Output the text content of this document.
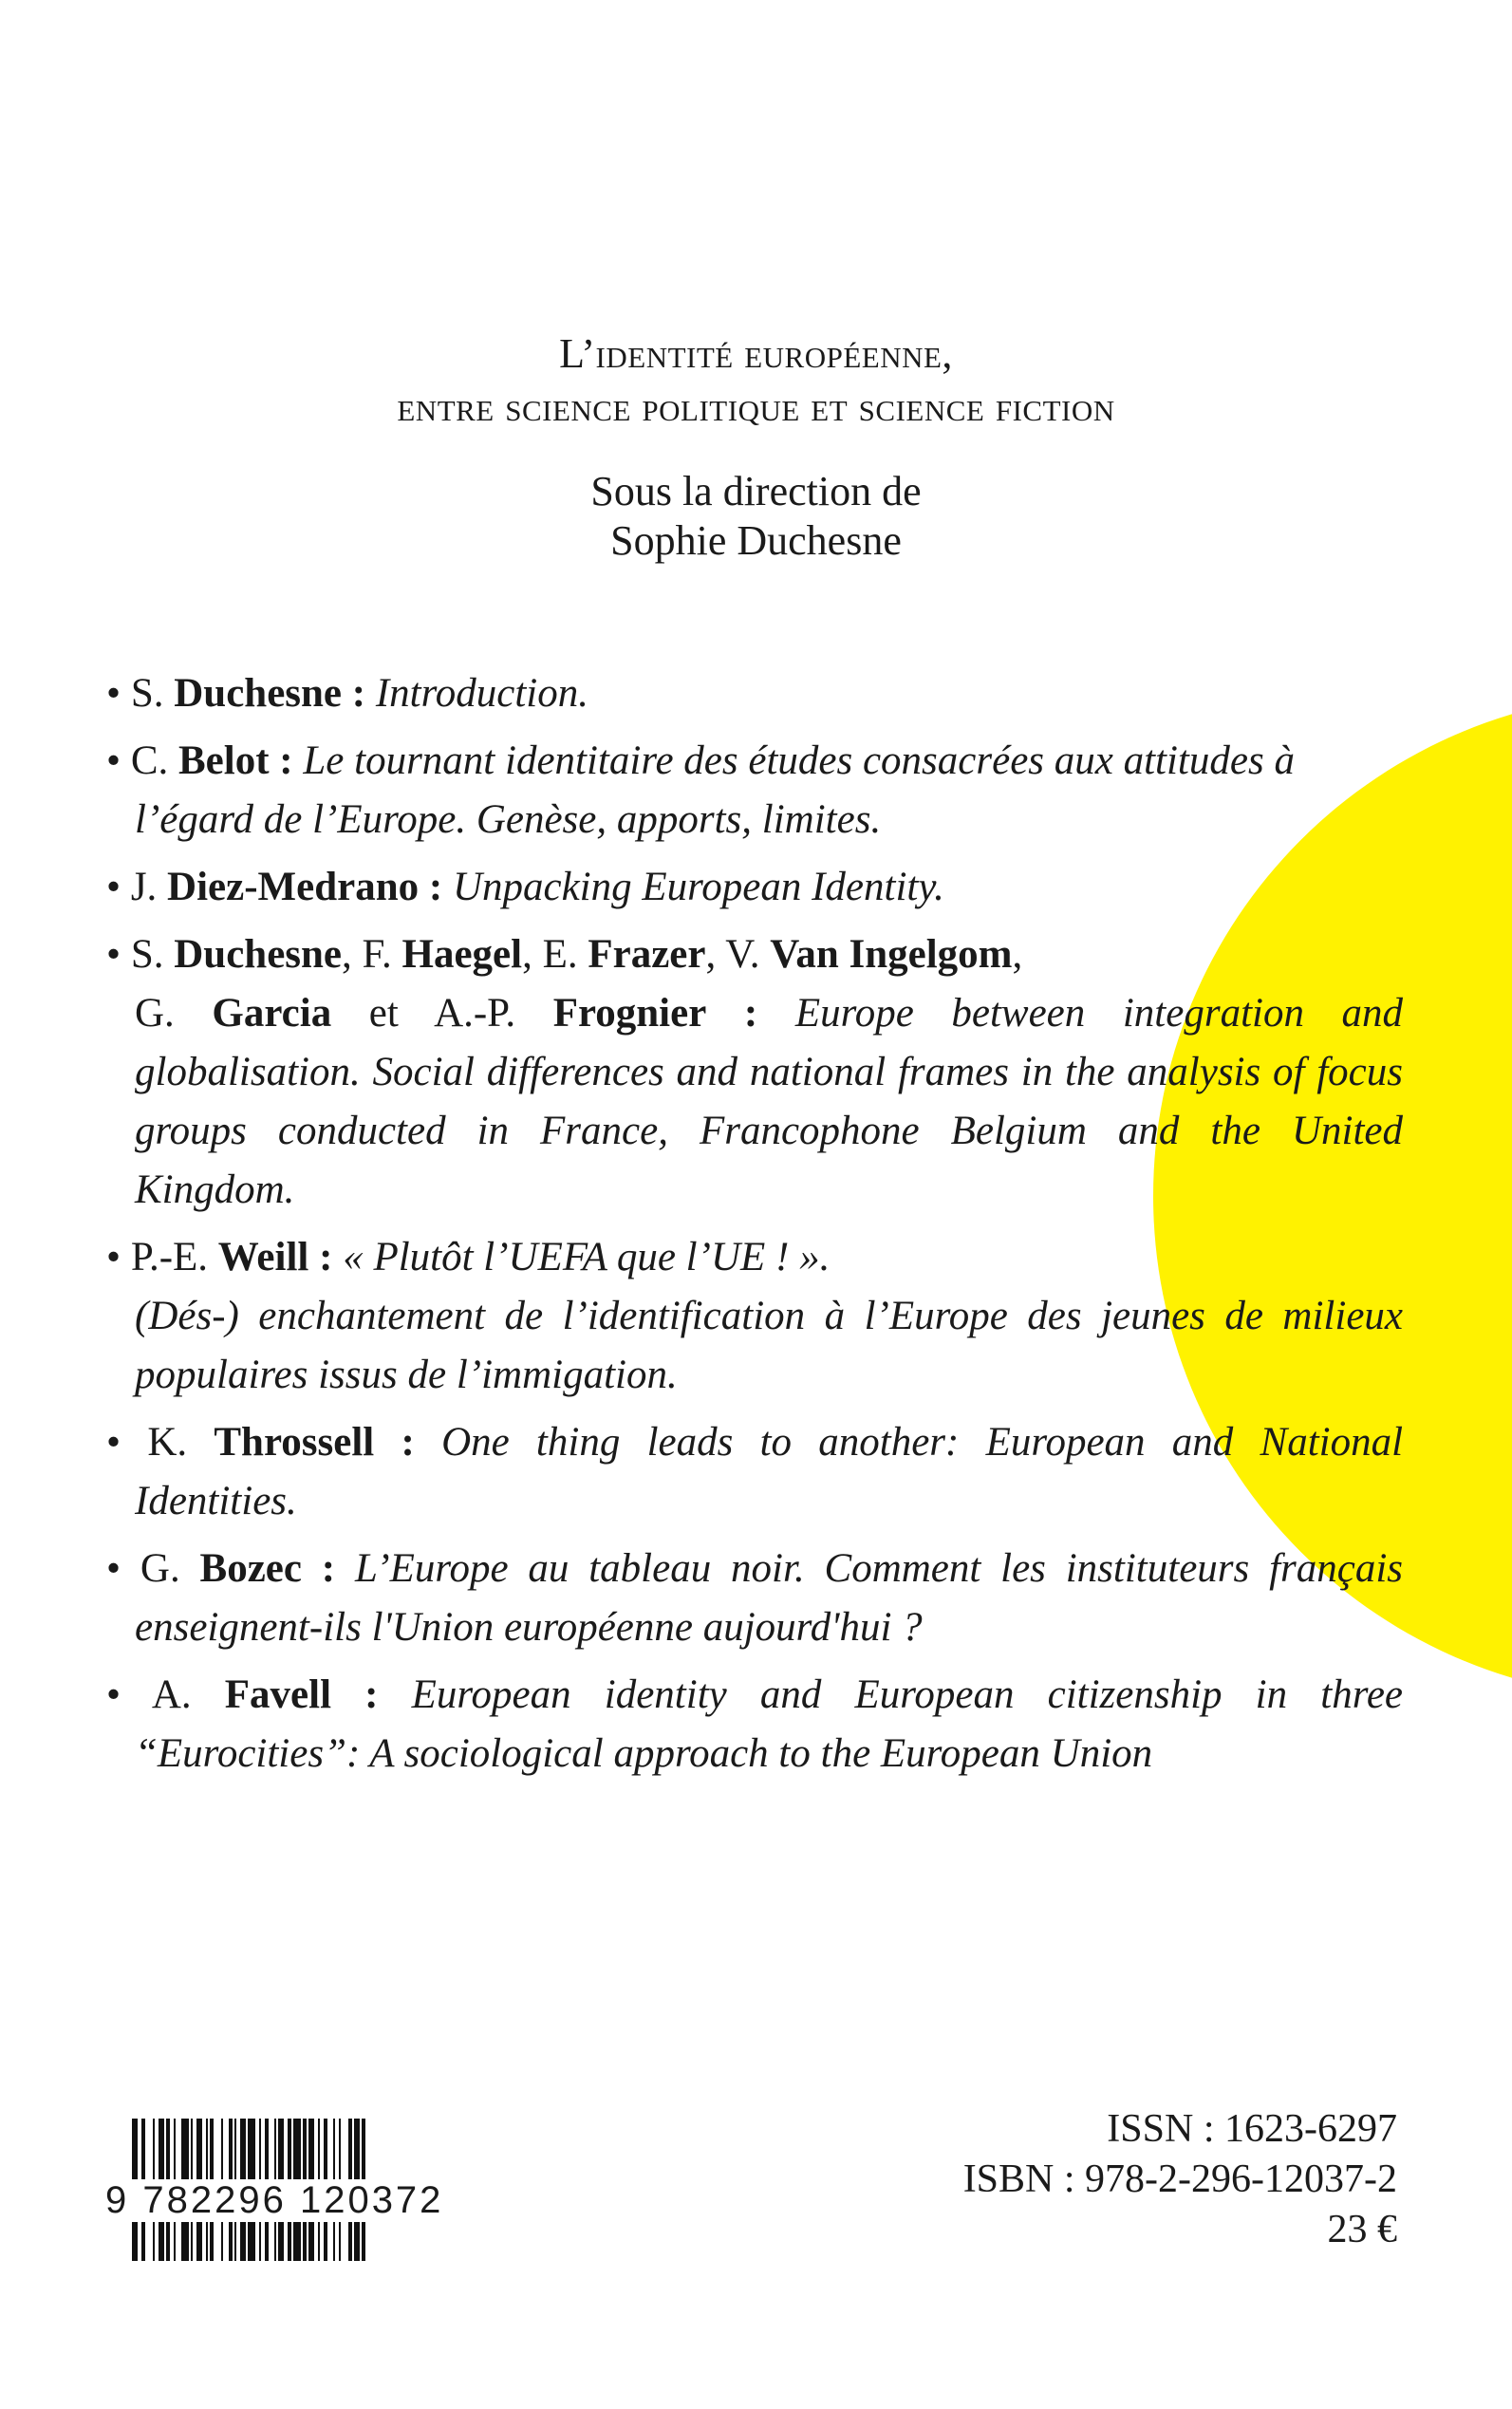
L’identité européenne,
entre science politique et science fiction
Sous la direction de
Sophie Duchesne
• S. Duchesne : Introduction.
• C. Belot : Le tournant identitaire des études consacrées aux attitudes à
l’égard de l’Europe. Genèse, apports, limites.
• J. Diez-Medrano : Unpacking European Identity.
• S. Duchesne, F. Haegel, E. Frazer, V. Van Ingelgom,
G. Garcia et A.-P. Frognier : Europe between integration and
globalisation. Social differences and national frames in the analysis of focus
groups conducted in France, Francophone Belgium and the United Kingdom.
• P.-E. Weill : « Plutôt l’UEFA que l’UE ! ».
(Dés-) enchantement de l’identification à l’Europe des jeunes de milieux
populaires issus de l’immigation.
• K. Throssell : One thing leads to another: European and National
Identities.
• G. Bozec : L’Europe au tableau noir. Comment les instituteurs français
enseignent-ils l'Union européenne aujourd'hui ?
• A. Favell : European identity and European citizenship in three
“Eurocities”: A sociological approach to the European Union
9 782296 120372
ISSN : 1623-6297
ISBN : 978-2-296-12037-2
23 €
